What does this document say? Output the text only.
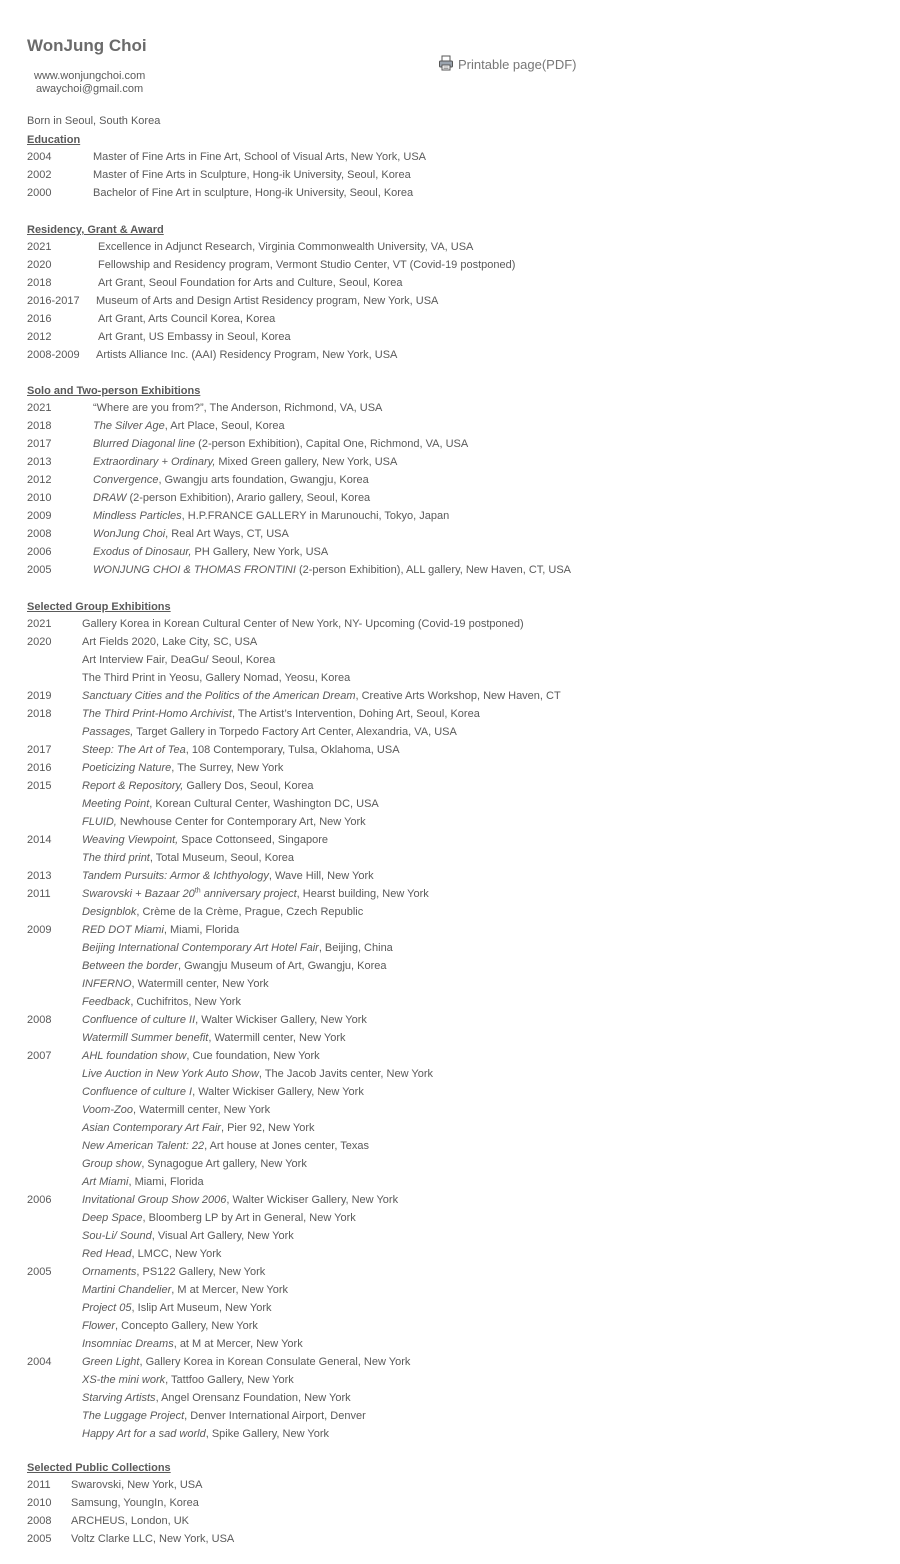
WonJung Choi
www.wonjungchoi.com
awaychoi@gmail.com
Printable page(PDF)
Born in Seoul, South Korea
Education
2004	Master of Fine Arts in Fine Art, School of Visual Arts, New York, USA
2002	Master of Fine Arts in Sculpture, Hong-ik University, Seoul, Korea
2000	Bachelor of Fine Art in sculpture, Hong-ik University, Seoul, Korea
Residency, Grant & Award
2021	Excellence in Adjunct Research, Virginia Commonwealth University, VA, USA
2020	Fellowship and Residency program, Vermont Studio Center, VT (Covid-19 postponed)
2018	Art Grant, Seoul Foundation for Arts and Culture, Seoul, Korea
2016-2017 Museum of Arts and Design Artist Residency program, New York, USA
2016	Art Grant, Arts Council Korea, Korea
2012	Art Grant, US Embassy in Seoul, Korea
2008-2009 Artists Alliance Inc. (AAI) Residency Program, New York, USA
Solo and Two-person Exhibitions
2021	“Where are you from?”, The Anderson, Richmond, VA, USA
2018	The Silver Age, Art Place, Seoul, Korea
2017	Blurred Diagonal line (2-person Exhibition), Capital One, Richmond, VA, USA
2013	Extraordinary + Ordinary, Mixed Green gallery, New York, USA
2012	Convergence, Gwangju arts foundation, Gwangju, Korea
2010	DRAW (2-person Exhibition), Arario gallery, Seoul, Korea
2009	Mindless Particles, H.P.FRANCE GALLERY in Marunouchi, Tokyo, Japan
2008	WonJung Choi, Real Art Ways, CT, USA
2006	Exodus of Dinosaur, PH Gallery, New York, USA
2005	WONJUNG CHOI & THOMAS FRONTINI (2-person Exhibition), ALL gallery, New Haven, CT, USA
Selected Group Exhibitions
2021	Gallery Korea in Korean Cultural Center of New York, NY- Upcoming (Covid-19 postponed)
2020	Art Fields 2020, Lake City, SC, USA
Art Interview Fair, DeaGu/ Seoul, Korea
The Third Print in Yeosu, Gallery Nomad, Yeosu, Korea
2019	Sanctuary Cities and the Politics of the American Dream, Creative Arts Workshop, New Haven, CT
2018	The Third Print-Homo Archivist, The Artist’s Intervention, Dohing Art, Seoul, Korea
Passages, Target Gallery in Torpedo Factory Art Center, Alexandria, VA, USA
2017	Steep: The Art of Tea, 108 Contemporary, Tulsa, Oklahoma, USA
2016	Poeticizing Nature, The Surrey, New York
2015	Report & Repository, Gallery Dos, Seoul, Korea
Meeting Point, Korean Cultural Center, Washington DC, USA
FLUID, Newhouse Center for Contemporary Art, New York
2014	Weaving Viewpoint, Space Cottonseed, Singapore
The third print, Total Museum, Seoul, Korea
2013	Tandem Pursuits: Armor & Ichthyology, Wave Hill, New York
2011	Swarovski + Bazaar 20th anniversary project, Hearst building, New York
Designblok, Crème de la Crème, Prague, Czech Republic
2009	RED DOT Miami, Miami, Florida
Beijing International Contemporary Art Hotel Fair, Beijing, China
Between the border, Gwangju Museum of Art, Gwangju, Korea
INFERNO, Watermill center, New York
Feedback, Cuchifritos, New York
2008	Confluence of culture II, Walter Wickiser Gallery, New York
Watermill Summer benefit, Watermill center, New York
2007	AHL foundation show, Cue foundation, New York
Live Auction in New York Auto Show, The Jacob Javits center, New York
Confluence of culture I, Walter Wickiser Gallery, New York
Voom-Zoo, Watermill center, New York
Asian Contemporary Art Fair, Pier 92, New York
New American Talent: 22, Art house at Jones center, Texas
Group show, Synagogue Art gallery, New York
Art Miami, Miami, Florida
2006	Invitational Group Show 2006, Walter Wickiser Gallery, New York
Deep Space, Bloomberg LP by Art in General, New York
Sou-Li/ Sound, Visual Art Gallery, New York
Red Head, LMCC, New York
2005	Ornaments, PS122 Gallery, New York
Martini Chandelier, M at Mercer, New York
Project 05, Islip Art Museum, New York
Flower, Concepto Gallery, New York
Insomniac Dreams, at M at Mercer, New York
2004	Green Light, Gallery Korea in Korean Consulate General, New York
XS-the mini work, Tattfoo Gallery, New York
Starving Artists, Angel Orensanz Foundation, New York
The Luggage Project, Denver International Airport, Denver
Happy Art for a sad world, Spike Gallery, New York
Selected Public Collections
2011 Swarovski, New York, USA
2010 Samsung, YoungIn, Korea
2008 ARCHEUS, London, UK
2005 Voltz Clarke LLC, New York, USA
